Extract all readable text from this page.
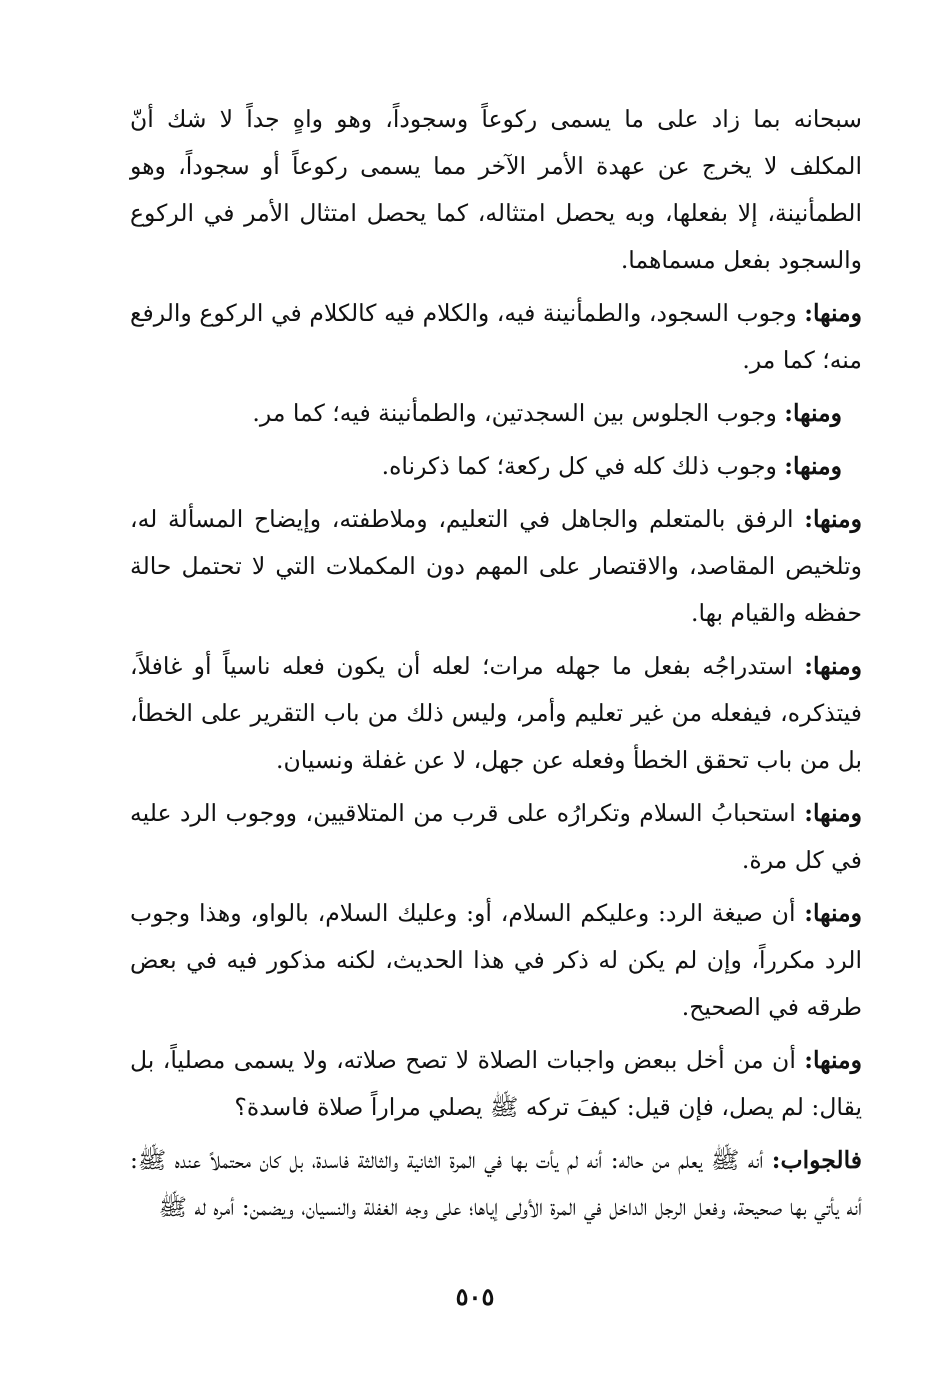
سبحانه بما زاد على ما يسمى ركوعاً وسجوداً، وهو واهٍ جداً لا شك أنّ المكلف لا يخرج عن عهدة الأمر الآخر مما يسمى ركوعاً أو سجوداً، وهو الطمأنينة، إلا بفعلها، وبه يحصل امتثاله، كما يحصل امتثال الأمر في الركوع والسجود بفعل مسماهما.

ومنها: وجوب السجود، والطمأنينة فيه، والكلام فيه كالكلام في الركوع والرفع منه؛ كما مر.

ومنها: وجوب الجلوس بين السجدتين، والطمأنينة فيه؛ كما مر.

ومنها: وجوب ذلك كله في كل ركعة؛ كما ذكرناه.

ومنها: الرفق بالمتعلم والجاهل في التعليم، وملاطفته، وإيضاح المسألة له، وتلخيص المقاصد، والاقتصار على المهم دون المكملات التي لا تحتمل حالة حفظه والقيام بها.

ومنها: استدراجُه بفعل ما جهله مرات؛ لعله أن يكون فعله ناسياً أو غافلاً، فيتذكره، فيفعله من غير تعليم وأمر، وليس ذلك من باب التقرير على الخطأ، بل من باب تحقق الخطأ وفعله عن جهل، لا عن غفلة ونسيان.

ومنها: استحبابُ السلام وتكرارُه على قرب من المتلاقيين، ووجوب الرد عليه في كل مرة.

ومنها: أن صيغة الرد: وعليكم السلام، أو: وعليك السلام، بالواو، وهذا وجوب الرد مكرراً، وإن لم يكن له ذكر في هذا الحديث، لكنه مذكور فيه في بعض طرقه في الصحيح.

ومنها: أن من أخل ببعض واجبات الصلاة لا تصح صلاته، ولا يسمى مصلياً، بل يقال: لم يصل، فإن قيل: كيفَ تركه ﷺ يصلي مراراً صلاة فاسدة؟

فالجواب: أنه ﷺ يعلم من حاله: أنه لم يأت بها في المرة الثانية والثالثة فاسدة، بل كان محتملاً عنده ﷺ: أنه يأتي بها صحيحة، وفعل الرجل الداخل في المرة الأولى إياها؛ على وجه الغفلة والنسيان، ويضمن: أمره له ﷺ

٥٠٥
